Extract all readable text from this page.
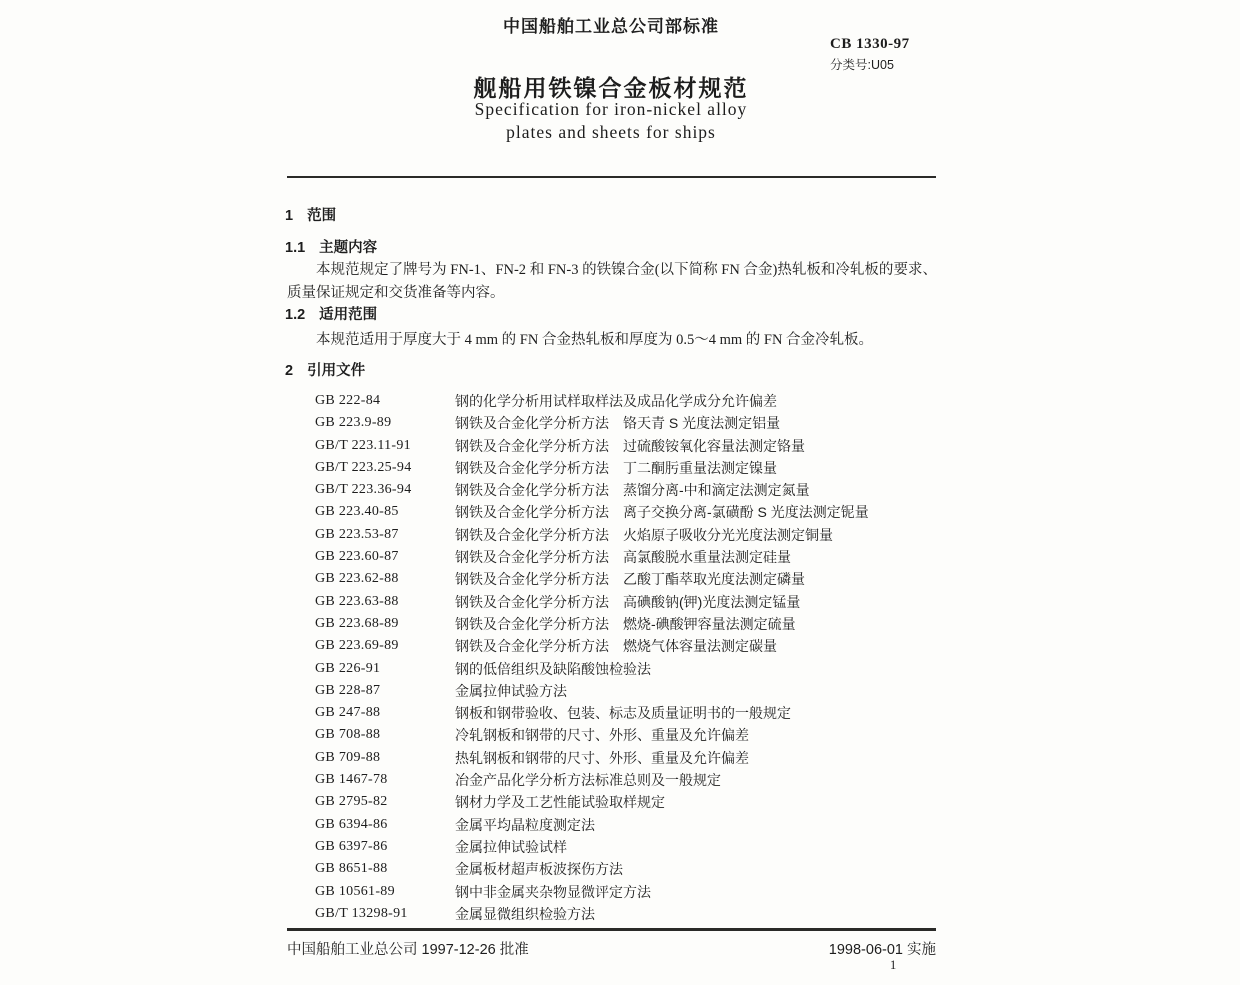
中国船舶工业总公司部标准
CB 1330-97
分类号:U05
舰船用铁镍合金板材规范
Specification for iron-nickel alloy
plates and sheets for ships
1 范围
1.1 主题内容
本规范规定了牌号为 FN-1、FN-2 和 FN-3 的铁镍合金(以下简称 FN 合金)热轧板和冷轧板的要求、质量保证规定和交货准备等内容。
1.2 适用范围
本规范适用于厚度大于 4 mm 的 FN 合金热轧板和厚度为 0.5～4 mm 的 FN 合金冷轧板。
2 引用文件
GB 222-84	钢的化学分析用试样取样法及成品化学成分允许偏差
GB 223.9-89	钢铁及合金化学分析方法　铬天青 S 光度法测定铝量
GB/T 223.11-91	钢铁及合金化学分析方法　过硫酸铵氧化容量法测定铬量
GB/T 223.25-94	钢铁及合金化学分析方法　丁二酮肟重量法测定镍量
GB/T 223.36-94	钢铁及合金化学分析方法　蒸馏分离-中和滴定法测定氮量
GB 223.40-85	钢铁及合金化学分析方法　离子交换分离-氯磺酚 S 光度法测定铌量
GB 223.53-87	钢铁及合金化学分析方法　火焰原子吸收分光光度法测定铜量
GB 223.60-87	钢铁及合金化学分析方法　高氯酸脱水重量法测定硅量
GB 223.62-88	钢铁及合金化学分析方法　乙酸丁酯萃取光度法测定磷量
GB 223.63-88	钢铁及合金化学分析方法　高碘酸钠(钾)光度法测定锰量
GB 223.68-89	钢铁及合金化学分析方法　燃烧-碘酸钾容量法测定硫量
GB 223.69-89	钢铁及合金化学分析方法　燃烧气体容量法测定碳量
GB 226-91	钢的低倍组织及缺陷酸蚀检验法
GB 228-87	金属拉伸试验方法
GB 247-88	钢板和钢带验收、包装、标志及质量证明书的一般规定
GB 708-88	冷轧钢板和钢带的尺寸、外形、重量及允许偏差
GB 709-88	热轧钢板和钢带的尺寸、外形、重量及允许偏差
GB 1467-78	冶金产品化学分析方法标准总则及一般规定
GB 2795-82	钢材力学及工艺性能试验取样规定
GB 6394-86	金属平均晶粒度测定法
GB 6397-86	金属拉伸试验试样
GB 8651-88	金属板材超声板波探伤方法
GB 10561-89	钢中非金属夹杂物显微评定方法
GB/T 13298-91	金属显微组织检验方法
中国船舶工业总公司 1997-12-26 批准	1998-06-01 实施
1
